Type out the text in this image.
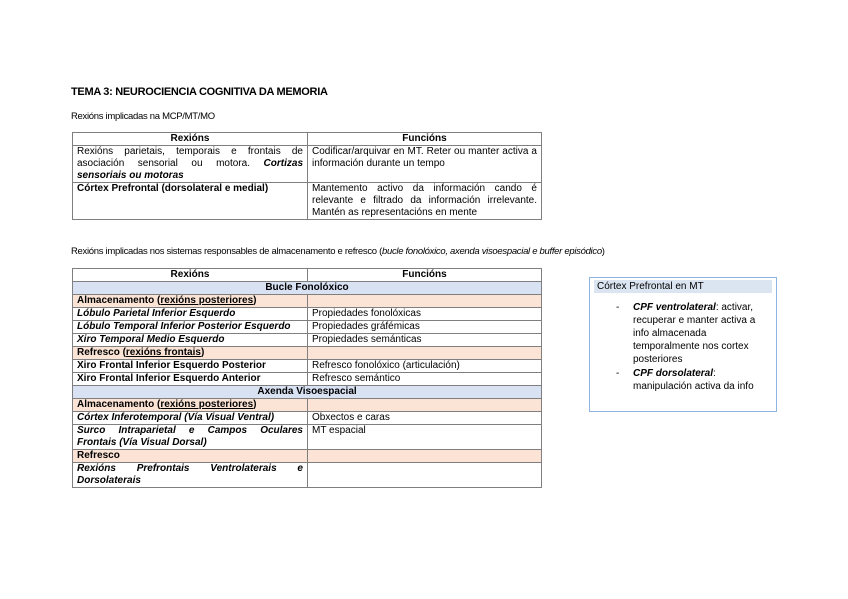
TEMA 3: NEUROCIENCIA COGNITIVA DA MEMORIA
Rexións implicadas na MCP/MT/MO
Rexións	Funcións
Rexións parietais, temporais e frontais de asociación sensorial ou motora. Cortizas sensoriais ou motoras	Codificar/arquivar en MT. Reter ou manter activa a información durante un tempo
Córtex Prefrontal (dorsolateral e medial)	Mantemento activo da información cando é relevante e filtrado da información irrelevante. Mantén as representacións en mente
Rexións implicadas nos sistemas responsables de almacenamento e refresco (bucle fonolóxico, axenda visoespacial e buffer episódico)
Rexións	Funcións
Bucle Fonolóxico	
Almacenamento (rexións posteriores)	
Lóbulo Parietal Inferior Esquerdo	Propiedades fonolóxicas
Lóbulo Temporal Inferior Posterior Esquerdo	Propiedades gráfémicas
Xiro Temporal Medio Esquerdo	Propiedades semánticas
Refresco (rexións frontais)	
Xiro Frontal Inferior Esquerdo Posterior	Refresco fonolóxico (articulación)
Xiro Frontal Inferior Esquerdo Anterior	Refresco semántico
Axenda Visoespacial	
Almacenamento (rexións posteriores)	
Córtex Inferotemporal (Vía Visual Ventral)	Obxectos e caras
Surco Intraparietal e Campos Oculares Frontais (Vía Visual Dorsal)	MT espacial
Refresco	
Rexións Prefrontais Ventrolaterais e Dorsolaterais	
Córtex Prefrontal en MT
- CPF ventrolateral: activar, recuperar e manter activa a info almacenada temporalmente nos cortex posteriores
- CPF dorsolateral: manipulación activa da info
